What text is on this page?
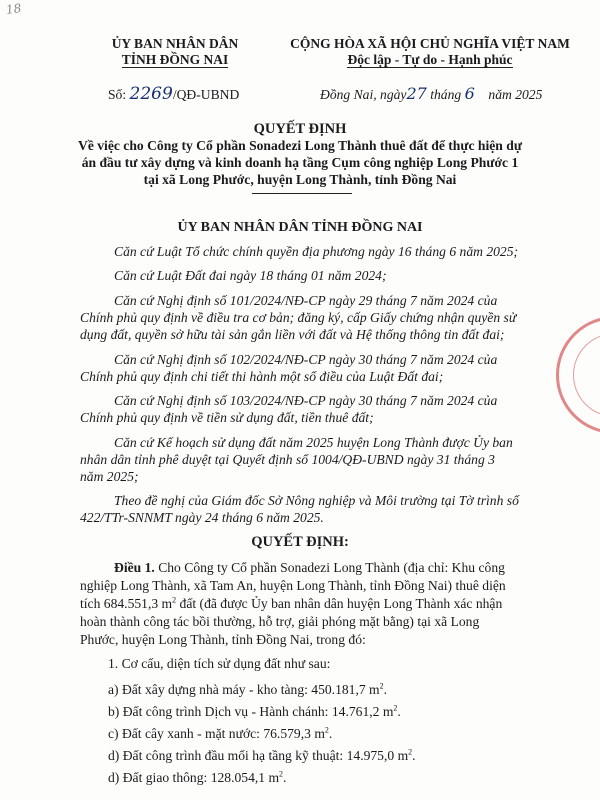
18
ỦY BAN NHÂN DÂN
TỈNH ĐỒNG NAI
CỘNG HÒA XÃ HỘI CHỦ NGHĨA VIỆT NAM
Độc lập - Tự do - Hạnh phúc
Số: 2269/QĐ-UBND	Đồng Nai, ngày27 tháng 6 năm 2025
QUYẾT ĐỊNH
Về việc cho Công ty Cổ phần Sonadezi Long Thành thuê đất để thực hiện dự
án đầu tư xây dựng và kinh doanh hạ tầng Cụm công nghiệp Long Phước 1
tại xã Long Phước, huyện Long Thành, tỉnh Đồng Nai
ỦY BAN NHÂN DÂN TỈNH ĐỒNG NAI
Căn cứ Luật Tổ chức chính quyền địa phương ngày 16 tháng 6 năm 2025;
Căn cứ Luật Đất đai ngày 18 tháng 01 năm 2024;
Căn cứ Nghị định số 101/2024/NĐ-CP ngày 29 tháng 7 năm 2024 của
Chính phủ quy định về điều tra cơ bản; đăng ký, cấp Giấy chứng nhận quyền sử
dụng đất, quyền sở hữu tài sản gắn liền với đất và Hệ thống thông tin đất đai;
Căn cứ Nghị định số 102/2024/NĐ-CP ngày 30 tháng 7 năm 2024 của
Chính phủ quy định chi tiết thi hành một số điều của Luật Đất đai;
Căn cứ Nghị định số 103/2024/NĐ-CP ngày 30 tháng 7 năm 2024 của
Chính phủ quy định về tiền sử dụng đất, tiền thuê đất;
Căn cứ Kế hoạch sử dụng đất năm 2025 huyện Long Thành được Ủy ban
nhân dân tỉnh phê duyệt tại Quyết định số 1004/QĐ-UBND ngày 31 tháng 3
năm 2025;
Theo đề nghị của Giám đốc Sở Nông nghiệp và Môi trường tại Tờ trình số
422/TTr-SNNMT ngày 24 tháng 6 năm 2025.
QUYẾT ĐỊNH:
Điều 1. Cho Công ty Cổ phần Sonadezi Long Thành (địa chỉ: Khu công
nghiệp Long Thành, xã Tam An, huyện Long Thành, tỉnh Đồng Nai) thuê diện
tích 684.551,3 $m^2$ đất (đã được Ủy ban nhân dân huyện Long Thành xác nhận
hoàn thành công tác bồi thường, hỗ trợ, giải phóng mặt bằng) tại xã Long
Phước, huyện Long Thành, tỉnh Đồng Nai, trong đó:
1. Cơ cấu, diện tích sử dụng đất như sau:
a) Đất xây dựng nhà máy - kho tàng: 450.181,7 $m^2$.
b) Đất công trình Dịch vụ - Hành chánh: 14.761,2 $m^2$.
c) Đất cây xanh - mặt nước: 76.579,3 $m^2$.
d) Đất công trình đầu mối hạ tầng kỹ thuật: 14.975,0 $m^2$.
d) Đất giao thông: 128.054,1 $m^2$.
